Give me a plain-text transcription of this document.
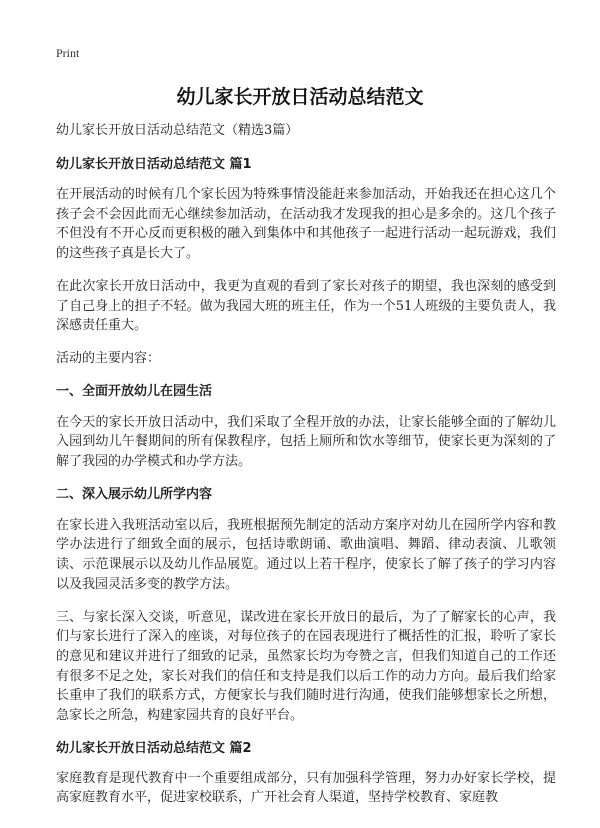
Print
幼儿家长开放日活动总结范文

幼儿家长开放日活动总结范文（精选3篇）

幼儿家长开放日活动总结范文 篇1

在开展活动的时候有几个家长因为特殊事情没能赶来参加活动，开始我还在担心这几个孩子会不会因此而无心继续参加活动，在活动我才发现我的担心是多余的。这几个孩子不但没有不开心反而更积极的融入到集体中和其他孩子一起进行活动一起玩游戏，我们的这些孩子真是长大了。

在此次家长开放日活动中，我更为直观的看到了家长对孩子的期望，我也深刻的感受到了自己身上的担子不轻。做为我园大班的班主任，作为一个51人班级的主要负责人，我深感责任重大。

活动的主要内容：

一、全面开放幼儿在园生活

在今天的家长开放日活动中，我们采取了全程开放的办法，让家长能够全面的了解幼儿入园到幼儿午餐期间的所有保教程序，包括上厕所和饮水等细节，使家长更为深刻的了解了我园的办学模式和办学方法。

二、深入展示幼儿所学内容

在家长进入我班活动室以后，我班根据预先制定的活动方案序对幼儿在园所学内容和教学办法进行了细致全面的展示，包括诗歌朗诵、歌曲演唱、舞蹈、律动表演、儿歌领读、示范课展示以及幼儿作品展览。通过以上若干程序，使家长了解了孩子的学习内容以及我园灵活多变的教学方法。

三、与家长深入交谈，听意见，谋改进在家长开放日的最后，为了了解家长的心声，我们与家长进行了深入的座谈，对每位孩子的在园表现进行了概括性的汇报，聆听了家长的意见和建议并进行了细致的记录，虽然家长均为夸赞之言，但我们知道自己的工作还有很多不足之处，家长对我们的信任和支持是我们以后工作的动力方向。最后我们给家长重申了我们的联系方式，方便家长与我们随时进行沟通，使我们能够想家长之所想，急家长之所急，构建家园共育的良好平台。

幼儿家长开放日活动总结范文 篇2

家庭教育是现代教育中一个重要组成部分，只有加强科学管理，努力办好家长学校，提高家庭教育水平，促进家校联系，广开社会育人渠道，坚持学校教育、家庭教
